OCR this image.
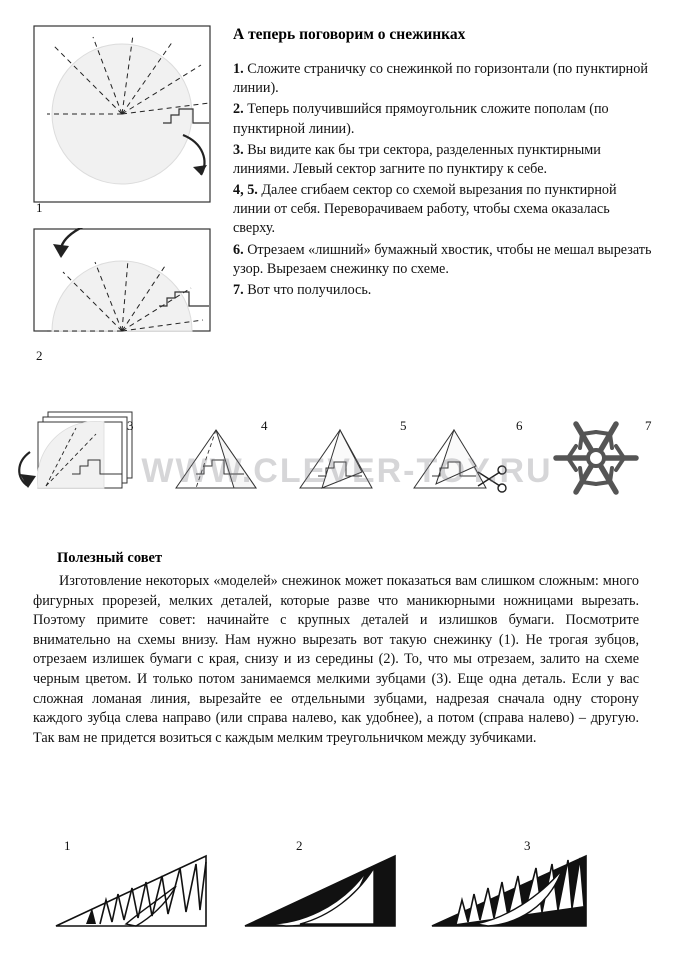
1
2
А теперь поговорим о снежинках

1. Сложите страничку со снежинкой по горизонтали (по пунктирной линии).

2. Теперь получившийся прямоугольник сложите пополам (по пунктирной линии).

3. Вы видите как бы три сектора, разделенных пунктирными линиями. Левый сектор загните по пунктиру к себе.

4, 5. Далее сгибаем сектор со схемой вырезания по пунктирной линии от себя. Переворачиваем работу, чтобы схема оказалась сверху.

6. Отрезаем «лишний» бумажный хвостик, чтобы не мешал вырезать узор. Вырезаем снежинку по схеме.

7. Вот что получилось.

3	4	5	6	7
WWW.CLEVER-TOY.RU
Полезный совет
Изготовление некоторых «моделей» снежинок может показаться вам слишком сложным: много фигурных прорезей, мелких деталей, которые разве что маникюрными ножницами вырезать. Поэтому примите совет: начинайте с крупных деталей и излишков бумаги. Посмотрите внимательно на схемы внизу. Нам нужно вырезать вот такую снежинку (1). Не трогая зубцов, отрезаем излишек бумаги с края, снизу и из середины (2). То, что мы отрезаем, залито на схеме черным цветом. И только потом занимаемся мелкими зубцами (3). Еще одна деталь. Если у вас сложная ломаная линия, вырезайте ее отдельными зубцами, надрезая сначала одну сторону каждого зубца слева направо (или справа налево, как удобнее), а потом (справа налево) – другую. Так вам не придется возиться с каждым мелким треугольничком между зубчиками.
1	2	3
